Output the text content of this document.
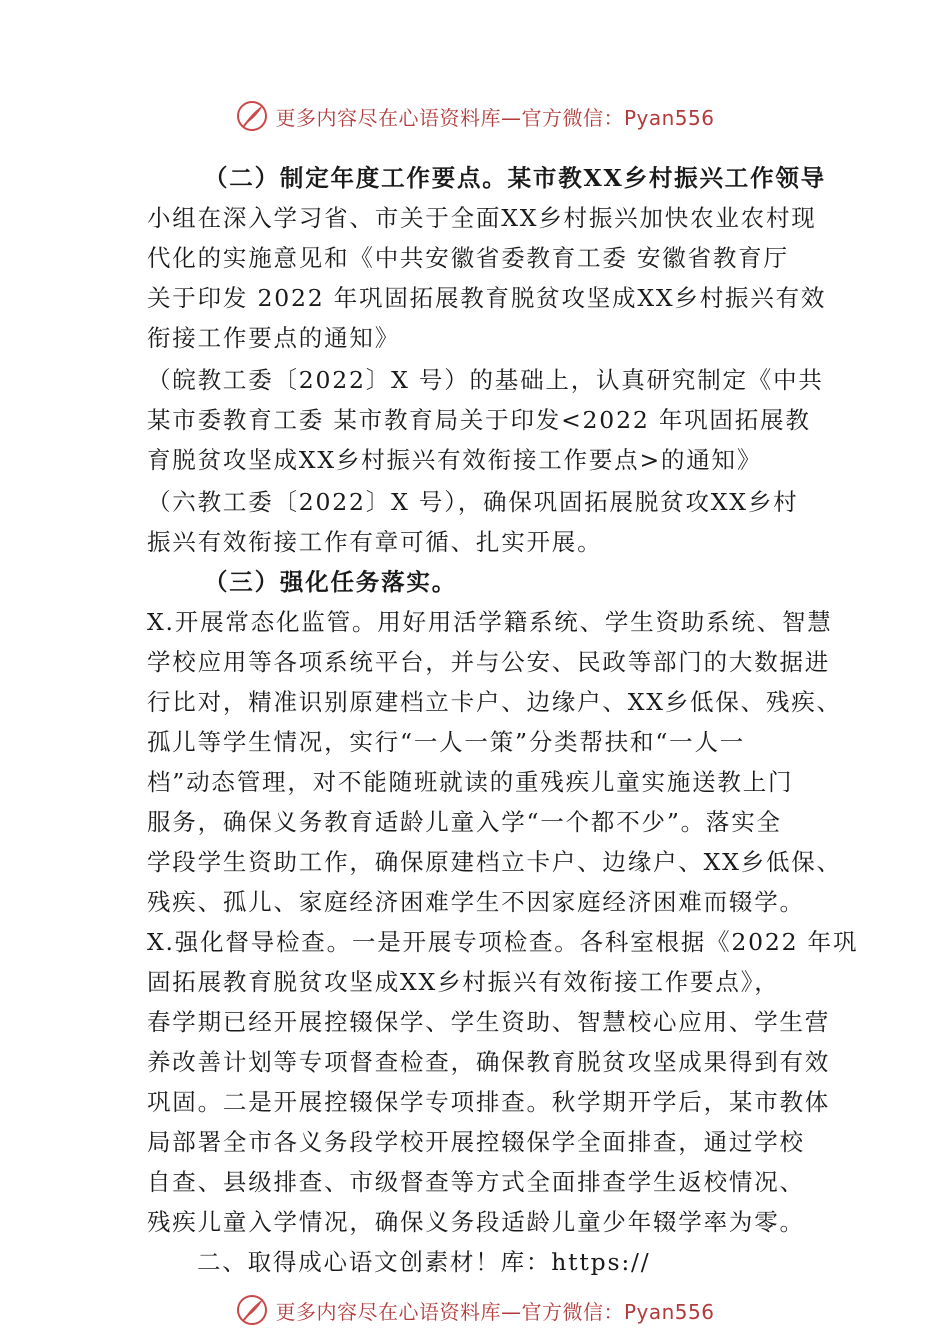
更多内容尽在心语资料库—官方微信：Pyan556
（二）制定年度工作要点。某市教XX乡村振兴工作领导
小组在深入学习省、市关于全面XX乡村振兴加快农业农村现
代化的实施意见和《中共安徽省委教育工委 安徽省教育厅
关于印发 2022 年巩固拓展教育脱贫攻坚成XX乡村振兴有效
衔接工作要点的通知》
（皖教工委〔2022〕X 号）的基础上，认真研究制定《中共
某市委教育工委 某市教育局关于印发<2022 年巩固拓展教
育脱贫攻坚成XX乡村振兴有效衔接工作要点>的通知》
（六教工委〔2022〕X 号），确保巩固拓展脱贫攻XX乡村
振兴有效衔接工作有章可循、扎实开展。
（三）强化任务落实。
X.开展常态化监管。用好用活学籍系统、学生资助系统、智慧
学校应用等各项系统平台，并与公安、民政等部门的大数据进
行比对，精准识别原建档立卡户、边缘户、XX乡低保、残疾、
孤儿等学生情况，实行“一人一策”分类帮扶和“一人一
档”动态管理，对不能随班就读的重残疾儿童实施送教上门
服务，确保义务教育适龄儿童入学“一个都不少”。落实全
学段学生资助工作，确保原建档立卡户、边缘户、XX乡低保、
残疾、孤儿、家庭经济困难学生不因家庭经济困难而辍学。
X.强化督导检查。一是开展专项检查。各科室根据《2022 年巩
固拓展教育脱贫攻坚成XX乡村振兴有效衔接工作要点》，
春学期已经开展控辍保学、学生资助、智慧校心应用、学生营
养改善计划等专项督查检查，确保教育脱贫攻坚成果得到有效
巩固。二是开展控辍保学专项排查。秋学期开学后，某市教体
局部署全市各义务段学校开展控辍保学全面排查，通过学校
自查、县级排查、市级督查等方式全面排查学生返校情况、
残疾儿童入学情况，确保义务段适龄儿童少年辍学率为零。
二、取得成心语文创素材！库：https://
更多内容尽在心语资料库—官方微信：Pyan556
